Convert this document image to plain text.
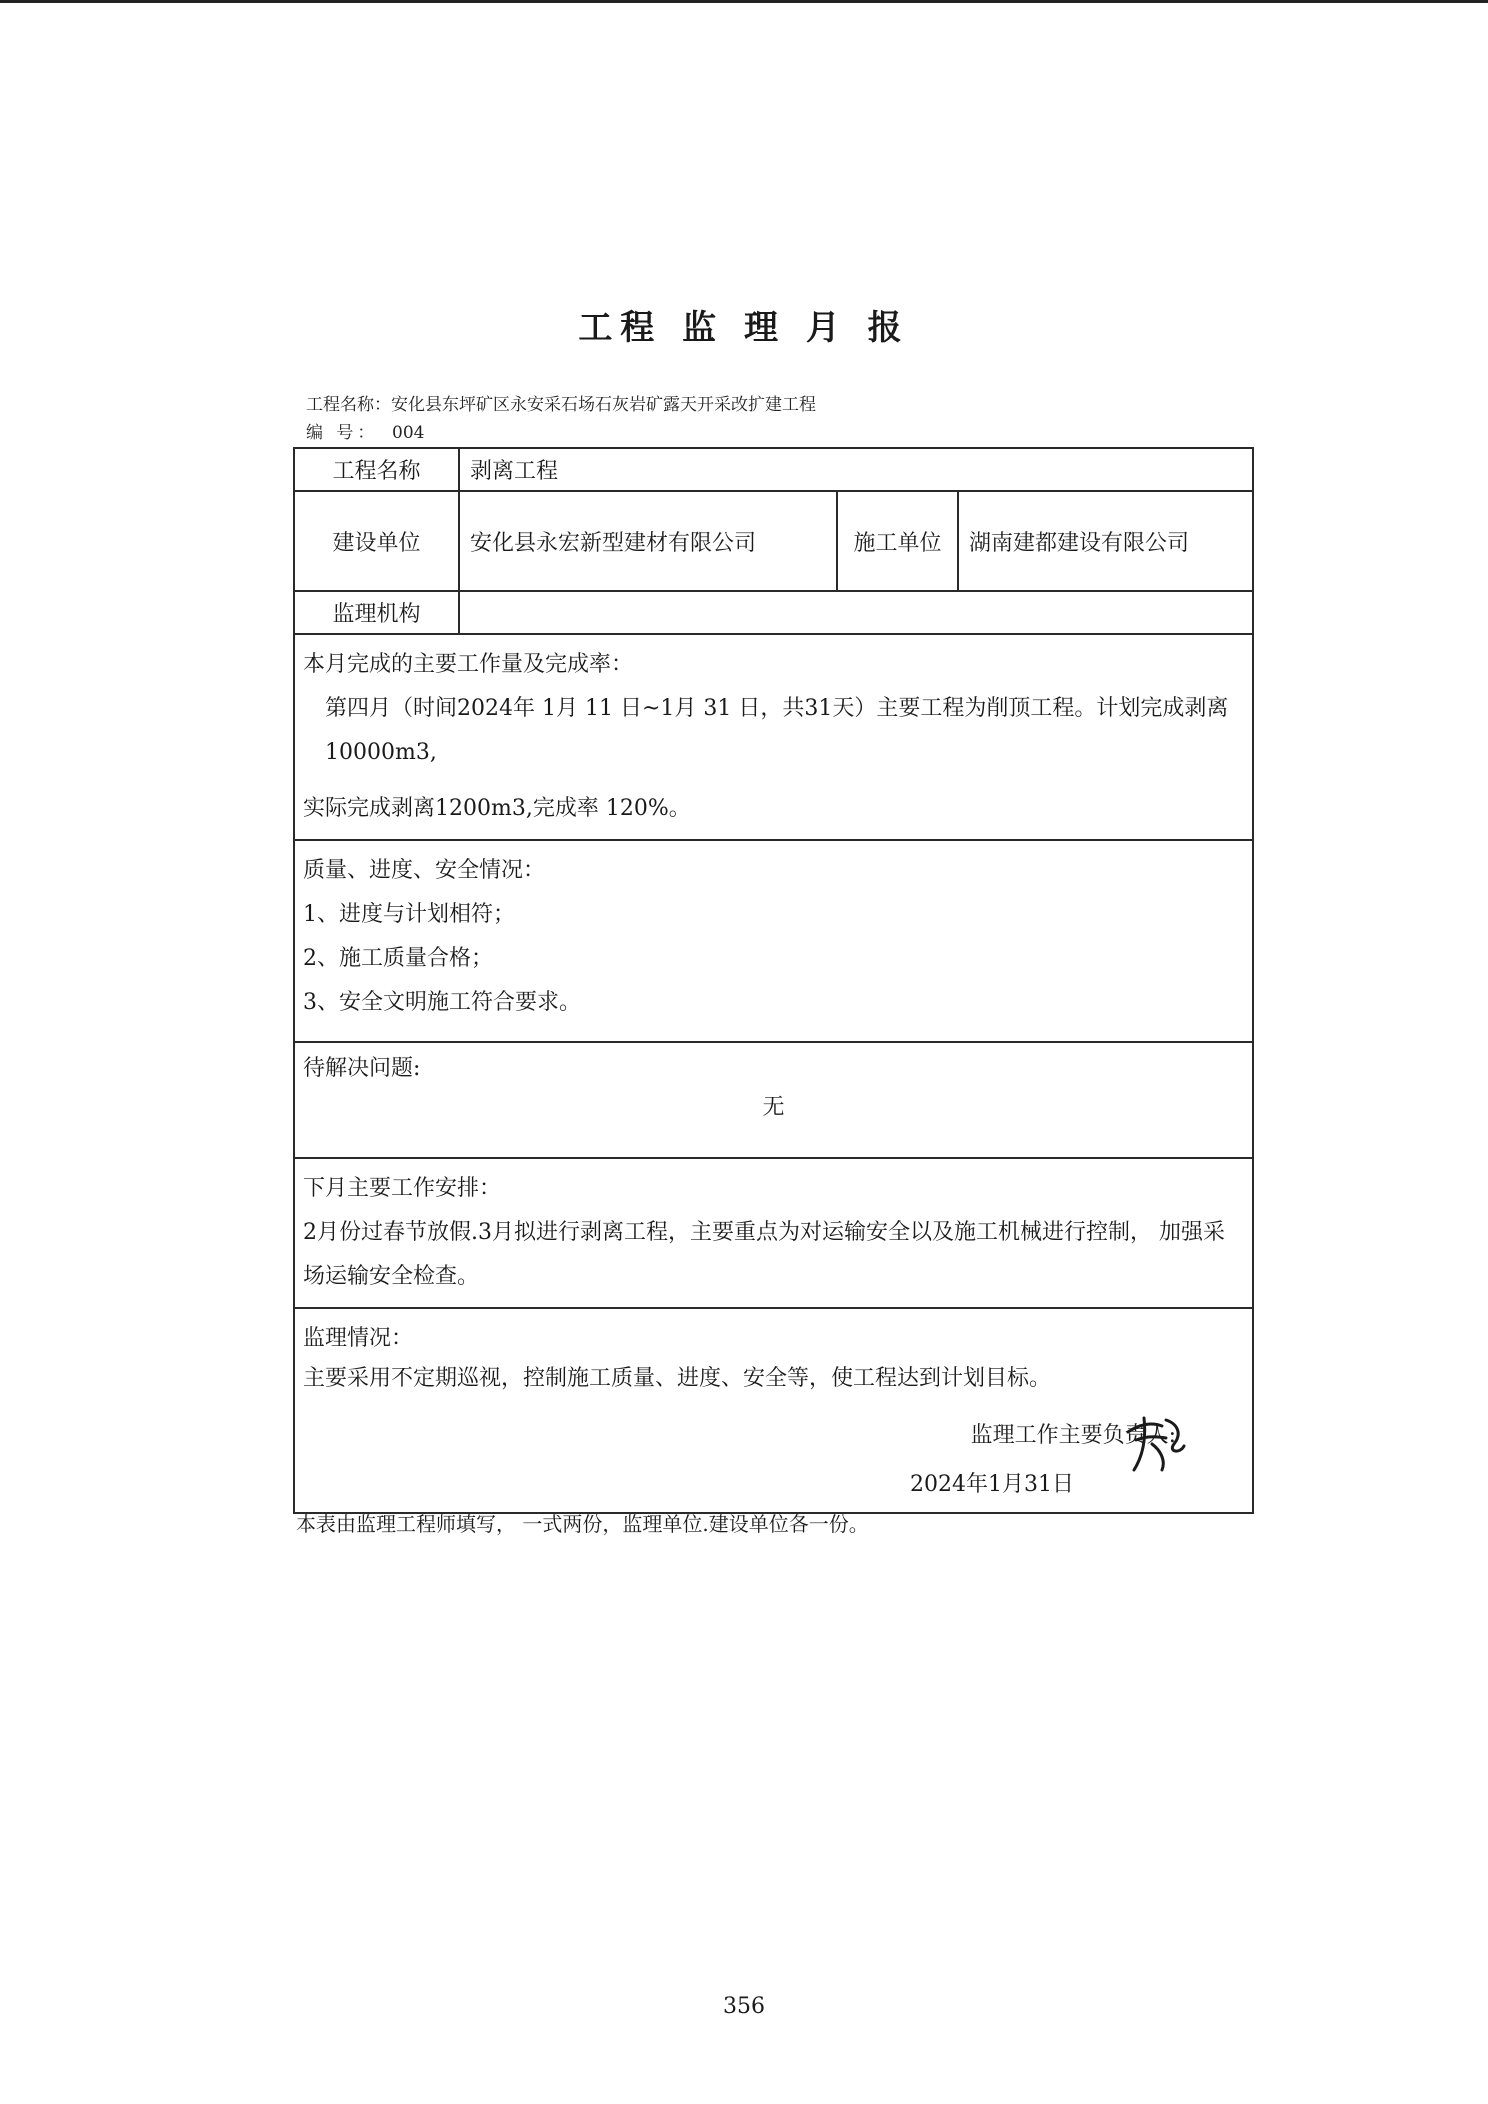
工程 监 理 月 报
工程名称：安化县东坪矿区永安采石场石灰岩矿露天开采改扩建工程
编 号： 004
工程名称	剥离工程		
建设单位	安化县永宏新型建材有限公司	施工单位	湖南建都建设有限公司
监理机构			

本月完成的主要工作量及完成率：
第四月（时间2024年 1月 11 日~1月 31 日，共31天）主要工程为削顶工程。计划完成剥离10000m3,
实际完成剥离1200m3,完成率 120%。			

质量、进度、安全情况：
1、进度与计划相符；
2、施工质量合格；
3、安全文明施工符合要求。			

待解决问题:
无			

下月主要工作安排：
2月份过春节放假.3月拟进行剥离工程，主要重点为对运输安全以及施工机械进行控制， 加强采
场运输安全检查。			

监理情况：
主要采用不定期巡视，控制施工质量、进度、安全等，使工程达到计划目标。
监理工作主要负责人:
2024年1月31日			
本表由监理工程师填写， 一式两份，监理单位.建设单位各一份。
356
